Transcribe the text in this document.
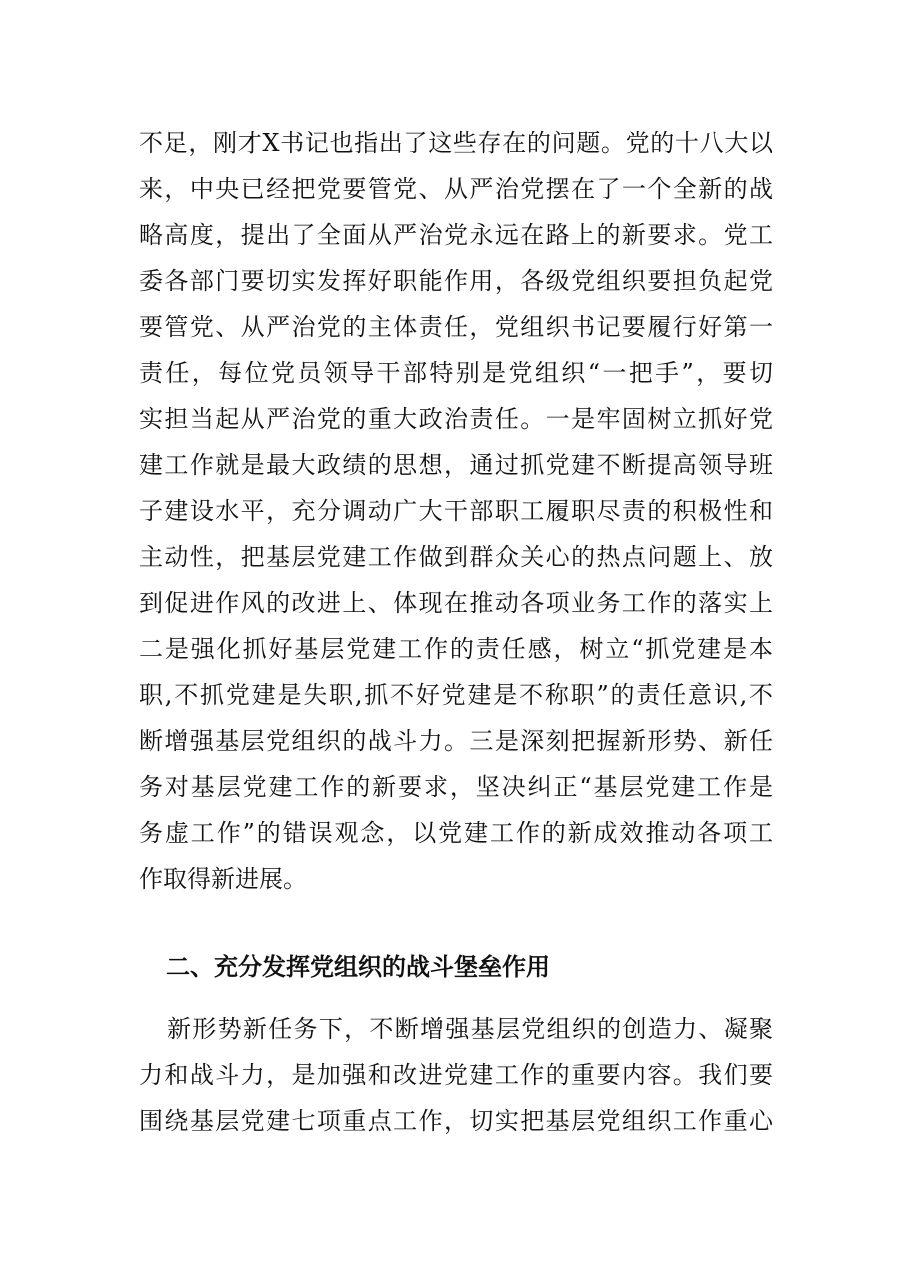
不足，刚才X书记也指出了这些存在的问题。党的十八大以
来，中央已经把党要管党、从严治党摆在了一个全新的战
略高度，提出了全面从严治党永远在路上的新要求。党工
委各部门要切实发挥好职能作用，各级党组织要担负起党
要管党、从严治党的主体责任，党组织书记要履行好第一
责任，每位党员领导干部特别是党组织“一把手”，要切
实担当起从严治党的重大政治责任。一是牢固树立抓好党
建工作就是最大政绩的思想，通过抓党建不断提高领导班
子建设水平，充分调动广大干部职工履职尽责的积极性和
主动性，把基层党建工作做到群众关心的热点问题上、放
到促进作风的改进上、体现在推动各项业务工作的落实上
二是强化抓好基层党建工作的责任感，树立“抓党建是本
职,不抓党建是失职,抓不好党建是不称职”的责任意识,不
断增强基层党组织的战斗力。三是深刻把握新形势、新任
务对基层党建工作的新要求，坚决纠正“基层党建工作是
务虚工作”的错误观念，以党建工作的新成效推动各项工
作取得新进展。
二、充分发挥党组织的战斗堡垒作用
新形势新任务下，不断增强基层党组织的创造力、凝聚
力和战斗力，是加强和改进党建工作的重要内容。我们要
围绕基层党建七项重点工作，切实把基层党组织工作重心
